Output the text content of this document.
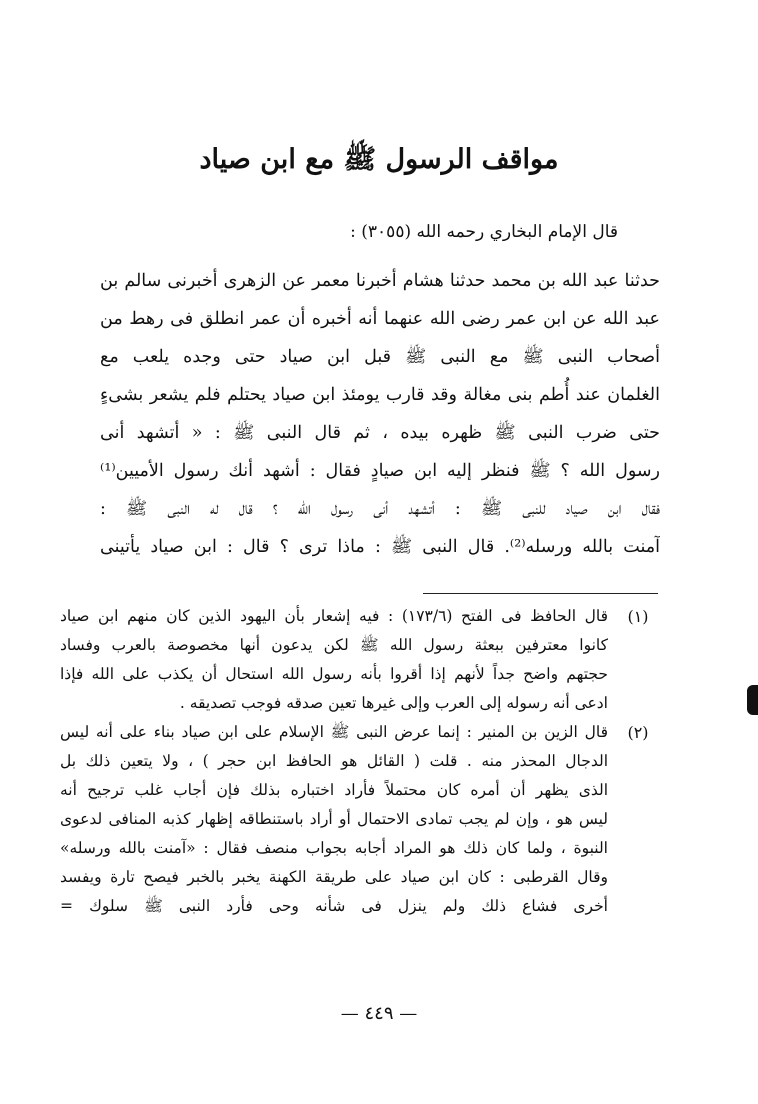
مواقف الرسول ﷺ مع ابن صياد

قال الإمام البخاري رحمه الله (٣٠٥٥) :

حدثنا عبد الله بن محمد حدثنا هشام أخبرنا معمر عن الزهرى أخبرنى سالم بن
عبد الله عن ابن عمر رضى الله عنهما أنه أخبره أن عمر انطلق فى رهط من
أصحاب النبى ﷺ مع النبى ﷺ قبل ابن صياد حتى وجده يلعب مع
الغلمان عند أُطم بنى مغالة وقد قارب يومئذ ابن صياد يحتلم فلم يشعر بشىءٍ
حتى ضرب النبى ﷺ ظهره بيده ، ثم قال النبى ﷺ : « أتشهد أنى
رسول الله ؟ ﷺ فنظر إليه ابن صيادٍ فقال : أشهد أنك رسول الأميين⁽¹⁾
فقال ابن صياد للنبى ﷺ : أتشهد أنى رسول الله ؟ قال له النبى ﷺ :
آمنت بالله ورسله⁽²⁾. قال النبى ﷺ : ماذا ترى ؟ قال : ابن صياد يأتينى
(١)
قال الحافظ فى الفتح (١٧٣/٦) : فيه إشعار بأن اليهود الذين كان منهم ابن صياد
كانوا معترفين ببعثة رسول الله ﷺ لكن يدعون أنها مخصوصة بالعرب وفساد
حجتهم واضح جداً لأنهم إذا أقروا بأنه رسول الله استحال أن يكذب على الله فإذا
ادعى أنه رسوله إلى العرب وإلى غيرها تعين صدقه فوجب تصديقه .
(٢)
قال الزين بن المنير : إنما عرض النبى ﷺ الإسلام على ابن صياد بناء على أنه ليس
الدجال المحذر منه . قلت ( القائل هو الحافظ ابن حجر ) ، ولا يتعين ذلك بل
الذى يظهر أن أمره كان محتملاً فأراد اختباره بذلك فإن أجاب غلب ترجيح أنه
ليس هو ، وإن لم يجب تمادى الاحتمال أو أراد باستنطاقه إظهار كذبه المنافى لدعوى
النبوة ، ولما كان ذلك هو المراد أجابه بجواب منصف فقال : «آمنت بالله ورسله»
وقال القرطبى : كان ابن صياد على طريقة الكهنة يخبر بالخبر فيصح تارة ويفسد
أخرى فشاع ذلك ولم ينزل فى شأنه وحى فأرد النبى ﷺ سلوك =

— ٤٤٩ —
